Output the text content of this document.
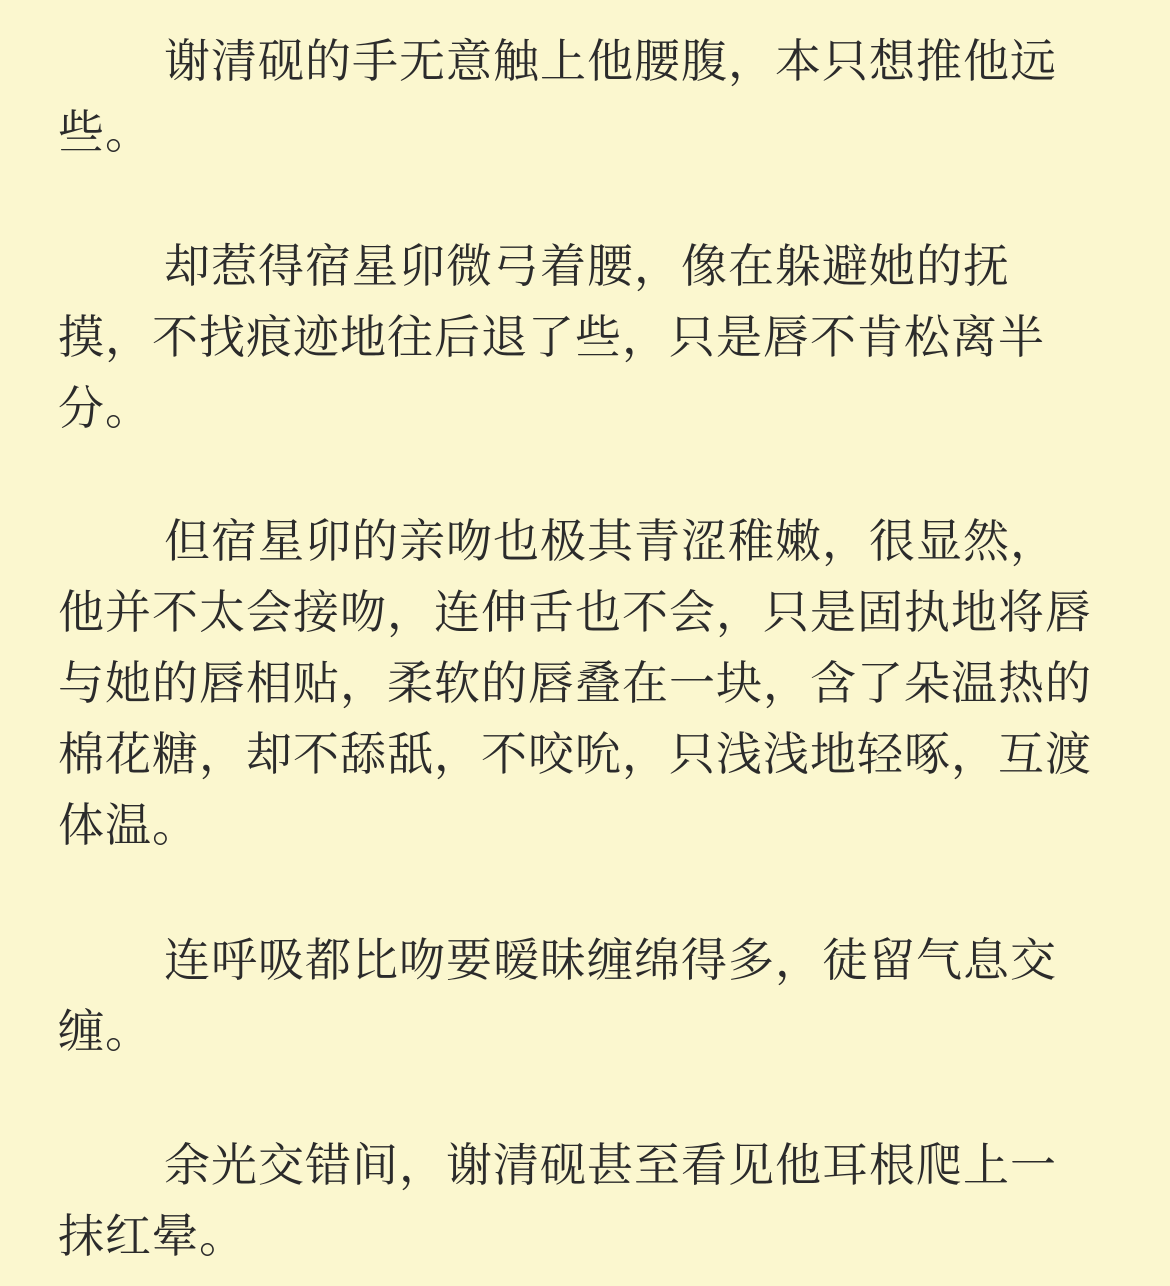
谢清砚的手无意触上他腰腹，本只想推他远
些。

却惹得宿星卯微弓着腰，像在躲避她的抚
摸，不找痕迹地往后退了些，只是唇不肯松离半
分。

但宿星卯的亲吻也极其青涩稚嫩，很显然，
他并不太会接吻，连伸舌也不会，只是固执地将唇
与她的唇相贴，柔软的唇叠在一块，含了朵温热的
棉花糖，却不舔舐，不咬吮，只浅浅地轻啄，互渡
体温。

连呼吸都比吻要暧昧缠绵得多，徒留气息交
缠。

余光交错间，谢清砚甚至看见他耳根爬上一
抹红晕。
